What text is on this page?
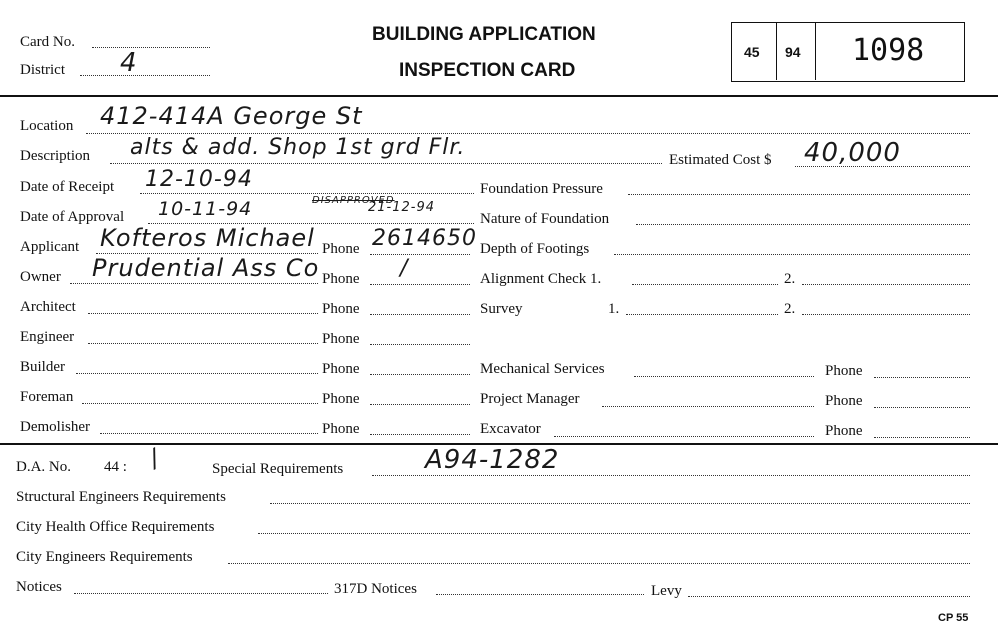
Card No.
District 4
BUILDING APPLICATION
INSPECTION CARD
45 94 1098
Location 412-414A George St
Description alts & add. Shop 1st grd Flr.	Estimated Cost $ 40,000
Date of Receipt 12-10-94
Date of Approval 10-11-94	DISAPPROVED
21-12-94
Applicant Kofteros Michael Phone 2614650
Owner Prudential Ass Co Phone /
Architect	Phone
Engineer	Phone
Builder	Phone
Foreman	Phone
Demolisher	Phone
Foundation Pressure
Nature of Foundation
Depth of Footings
Alignment Check 1.	2.
Survey	1.	2.
Mechanical Services	Phone
Project Manager	Phone
Excavator	Phone
D.A. No. 44 : /	Special Requirements	A94-1282
Structural Engineers Requirements
City Health Office Requirements
City Engineers Requirements
Notices	317D Notices	Levy
CP 55
